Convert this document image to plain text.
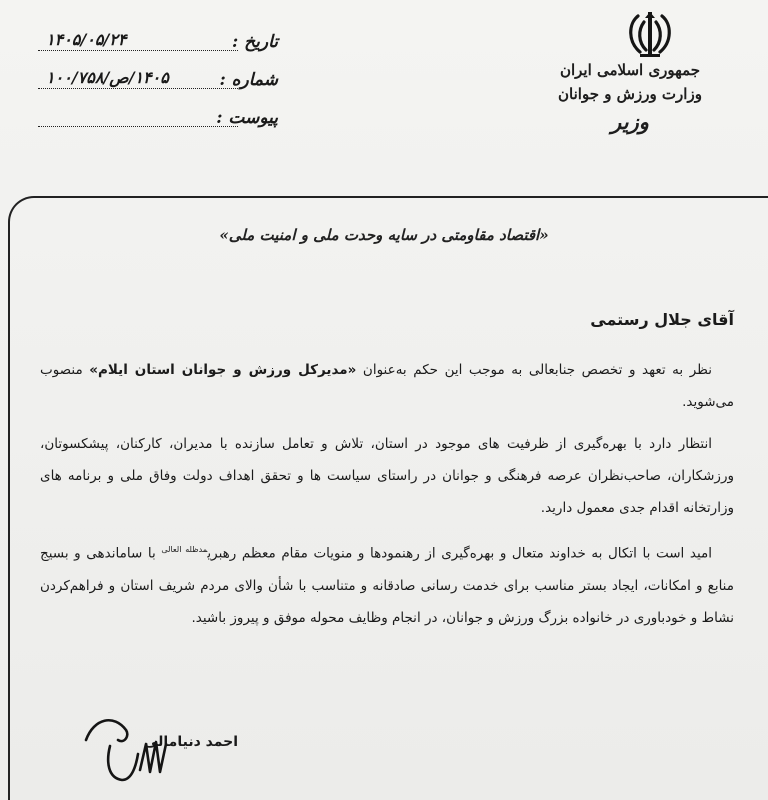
جمهوری اسلامی ایران
وزارت ورزش و جوانان
وزیر
تاریخ :
۱۴۰۵/۰۵/۲۴
شماره :
۱۴۰۵/ص/۱۰۰/۷۵۸
پیوست :
«اقتصاد مقاومتی در سایه وحدت ملی و امنیت ملی»
آقای جلال رستمی

نظر به تعهد و تخصص جنابعالی به موجب این حکم به‌عنوان «مدیرکل ورزش و جوانان استان ایلام» منصوب می‌شوید.

انتظار دارد با بهره‌گیری از ظرفیت های موجود در استان، تلاش و تعامل سازنده با مدیران، کارکنان، پیشکسوتان، ورزشکاران، صاحب‌نظران عرصه فرهنگی و جوانان در راستای سیاست ها و تحقق اهداف دولت وفاق ملی و برنامه های وزارتخانه اقدام جدی معمول دارید.

امید است با اتکال به خداوند متعال و بهره‌گیری از رهنمودها و منویات مقام معظم رهبری$^{مدظله العالی}$ با ساماندهی و بسیج منابع و امکانات، ایجاد بستر مناسب برای خدمت رسانی صادقانه و متناسب با شأن والای مردم شریف استان و فراهم‌کردن نشاط و خودباوری در خانواده بزرگ ورزش و جوانان، در انجام وظایف محوله موفق و پیروز باشید.

احمد دنیامالی
